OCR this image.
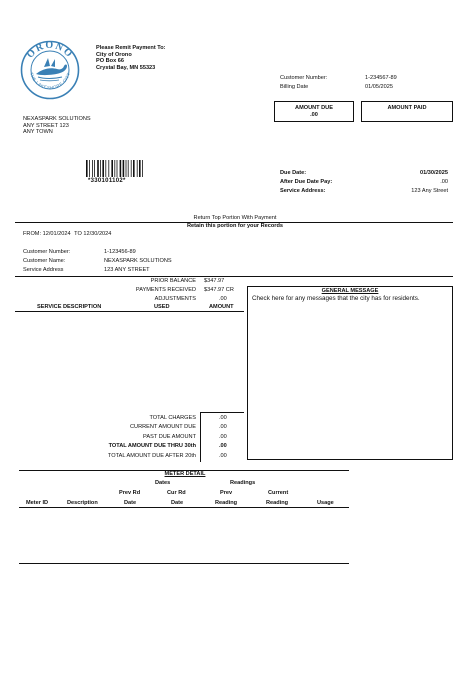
ORONO
THE LAKESHORE CITY
Please Remit Payment To:
City of Orono
PO Box 66
Crystal Bay, MN 55323
Customer Number:	1-234567-89
Billing Date	01/05/2025
AMOUNT DUE
.00
AMOUNT PAID
NEXASPARK SOLUTIONS
ANY STREET 123
ANY TOWN
*330101102*
Due Date:	01/30/2025
After Due Date Pay:	.00
Service Address:	123 Any Street
Return Top Portion With Payment
Retain this portion for your Records
FROM: 12/01/2024 TO 12/30/2024
Customer Number:	1-123456-89
Customer Name:	NEXASPARK SOLUTIONS
Service Address	123 ANY STREET
PRIOR BALANCE $347.97
PAYMENTS RECEIVED $347.97 CR
ADJUSTMENTS	.00
SERVICE DESCRIPTION	USED	AMOUNT
GENERAL MESSAGE
Check here for any messages that the city has for residents.
TOTAL CHARGES	.00
CURRENT AMOUNT DUE	.00
PAST DUE AMOUNT	.00
TOTAL AMOUNT DUE THRU 30th	.00
TOTAL AMOUNT DUE AFTER 20th	.00
METER DETAIL
Dates	Readings
Prev Rd	Cur Rd	Prev	Current
Meter ID	Description	Date	Date	Reading	Reading	Usage
